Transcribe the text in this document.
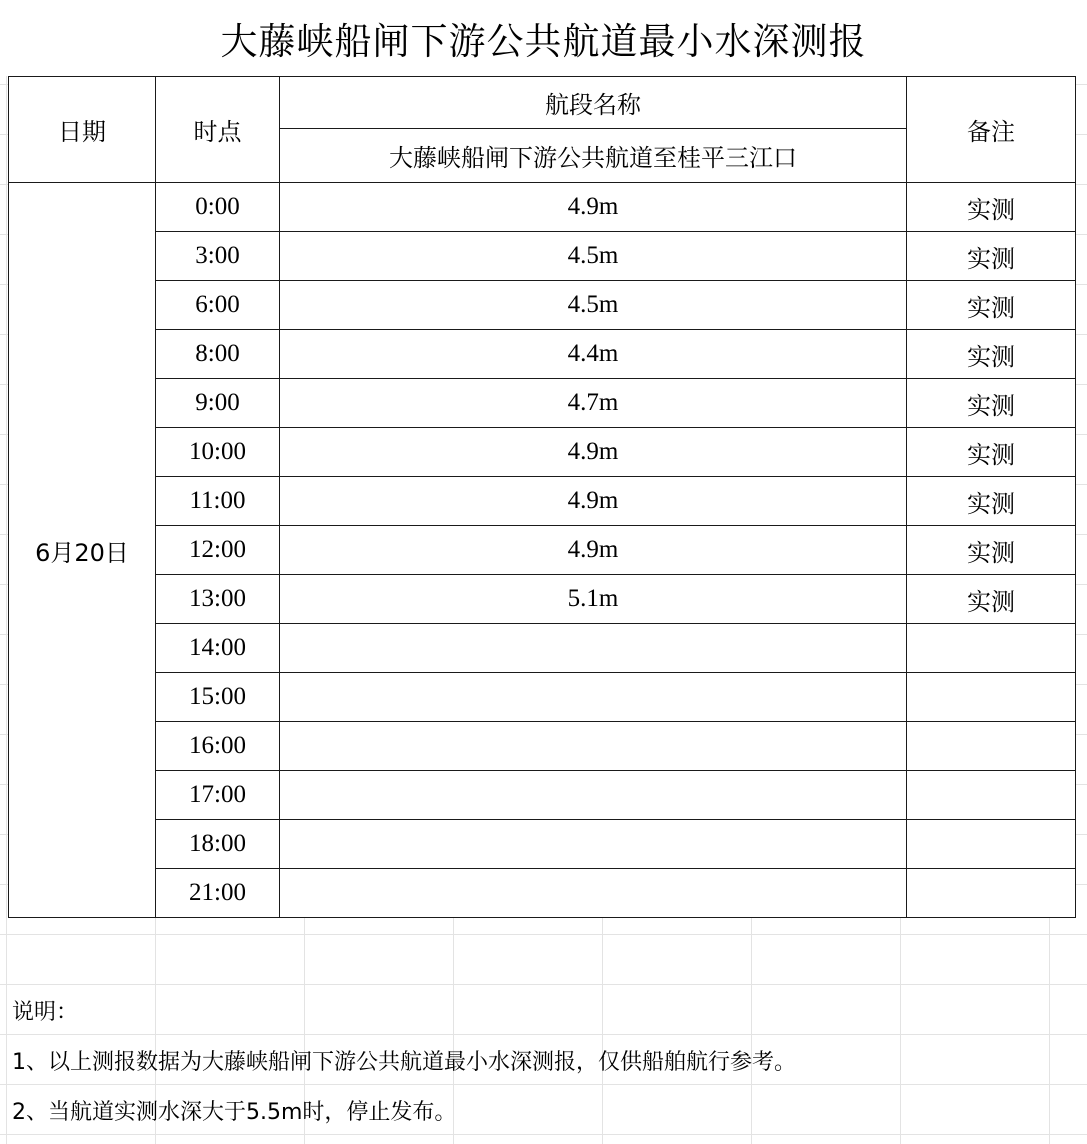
大藤峡船闸下游公共航道最小水深测报
日期	时点	航段名称
大藤峡船闸下游公共航道至桂平三江口	备注
6月20日	0:00	4.9m	实测
	3:00	4.5m	实测
	6:00	4.5m	实测
	8:00	4.4m	实测
	9:00	4.7m	实测
	10:00	4.9m	实测
	11:00	4.9m	实测
	12:00	4.9m	实测
	13:00	5.1m	实测
	14:00		
	15:00		
	16:00		
	17:00		
	18:00		
	21:00		
说明：
1、以上测报数据为大藤峡船闸下游公共航道最小水深测报，仅供船舶航行参考。
2、当航道实测水深大于5.5m时，停止发布。
